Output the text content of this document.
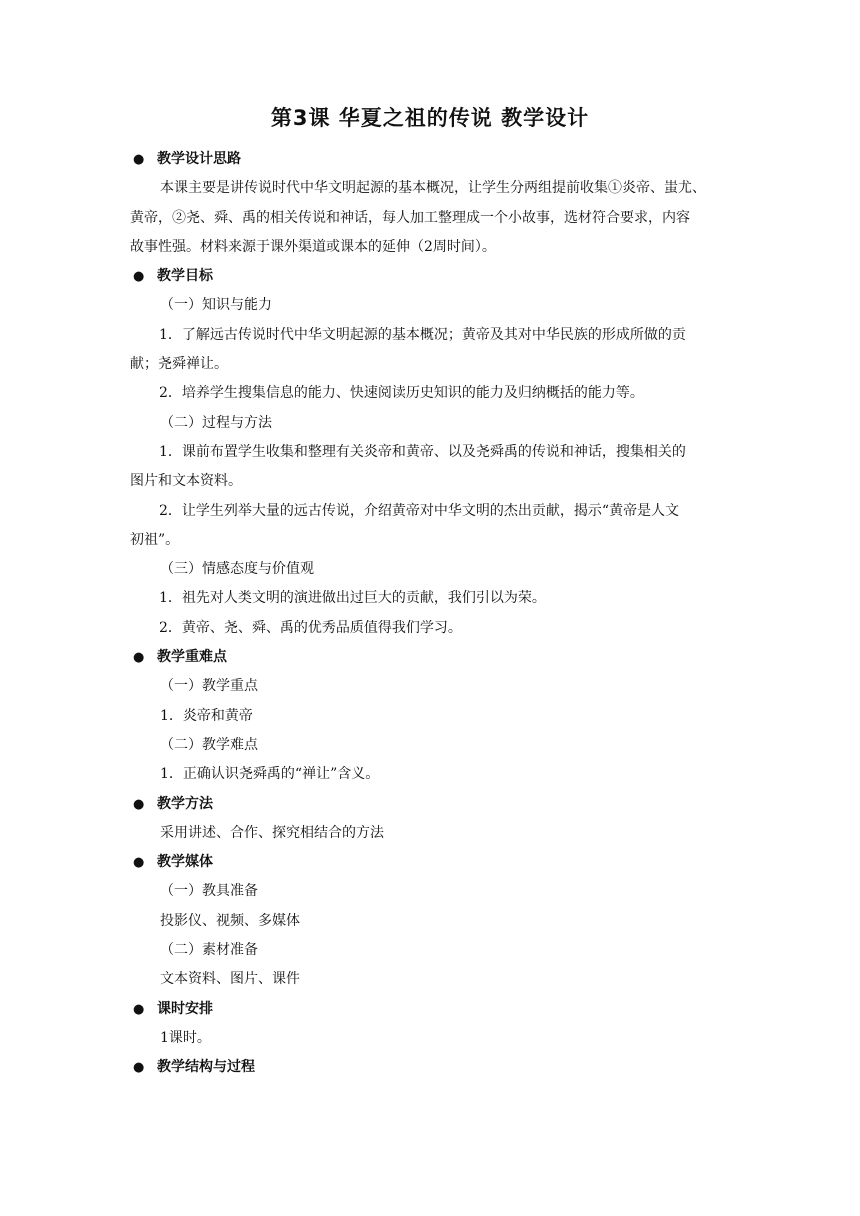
第3课 华夏之祖的传说 教学设计
● 教学设计思路
本课主要是讲传说时代中华文明起源的基本概况，让学生分两组提前收集①炎帝、蚩尤、
黄帝，②尧、舜、禹的相关传说和神话，每人加工整理成一个小故事，选材符合要求，内容
故事性强。材料来源于课外渠道或课本的延伸（2周时间）。
● 教学目标
（一）知识与能力
1．了解远古传说时代中华文明起源的基本概况；黄帝及其对中华民族的形成所做的贡
献；尧舜禅让。
2．培养学生搜集信息的能力、快速阅读历史知识的能力及归纳概括的能力等。
（二）过程与方法
1．课前布置学生收集和整理有关炎帝和黄帝、以及尧舜禹的传说和神话，搜集相关的
图片和文本资料。
2．让学生列举大量的远古传说，介绍黄帝对中华文明的杰出贡献，揭示“黄帝是人文
初祖”。
（三）情感态度与价值观
1．祖先对人类文明的演进做出过巨大的贡献，我们引以为荣。
2．黄帝、尧、舜、禹的优秀品质值得我们学习。
● 教学重难点
（一）教学重点
1．炎帝和黄帝
（二）教学难点
1．正确认识尧舜禹的“禅让”含义。
● 教学方法
采用讲述、合作、探究相结合的方法
● 教学媒体
（一）教具准备
投影仪、视频、多媒体
（二）素材准备
文本资料、图片、课件
● 课时安排
1课时。
● 教学结构与过程
